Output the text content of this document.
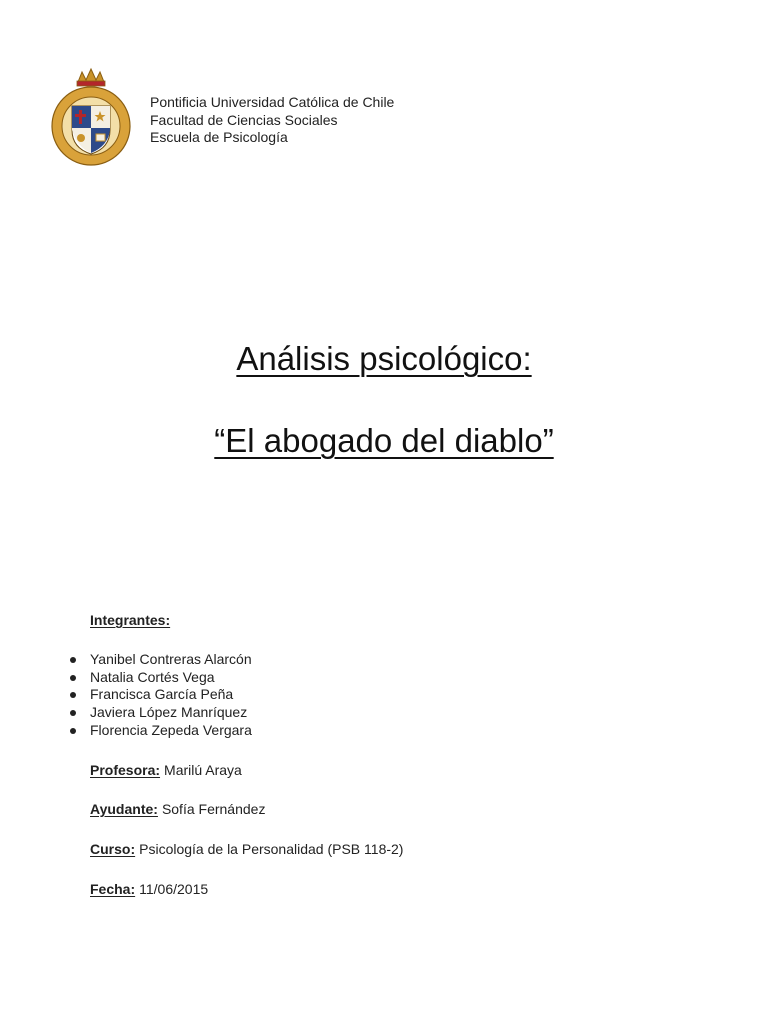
Pontificia Universidad Católica de Chile
Facultad de Ciencias Sociales
Escuela de Psicología
Análisis psicológico:
“El abogado del diablo”
Integrantes:
Yanibel Contreras Alarcón
Natalia Cortés Vega
Francisca García Peña
Javiera López Manríquez
Florencia Zepeda Vergara
Profesora: Marilú Araya
Ayudante: Sofía Fernández
Curso: Psicología de la Personalidad (PSB 118-2)
Fecha: 11/06/2015
